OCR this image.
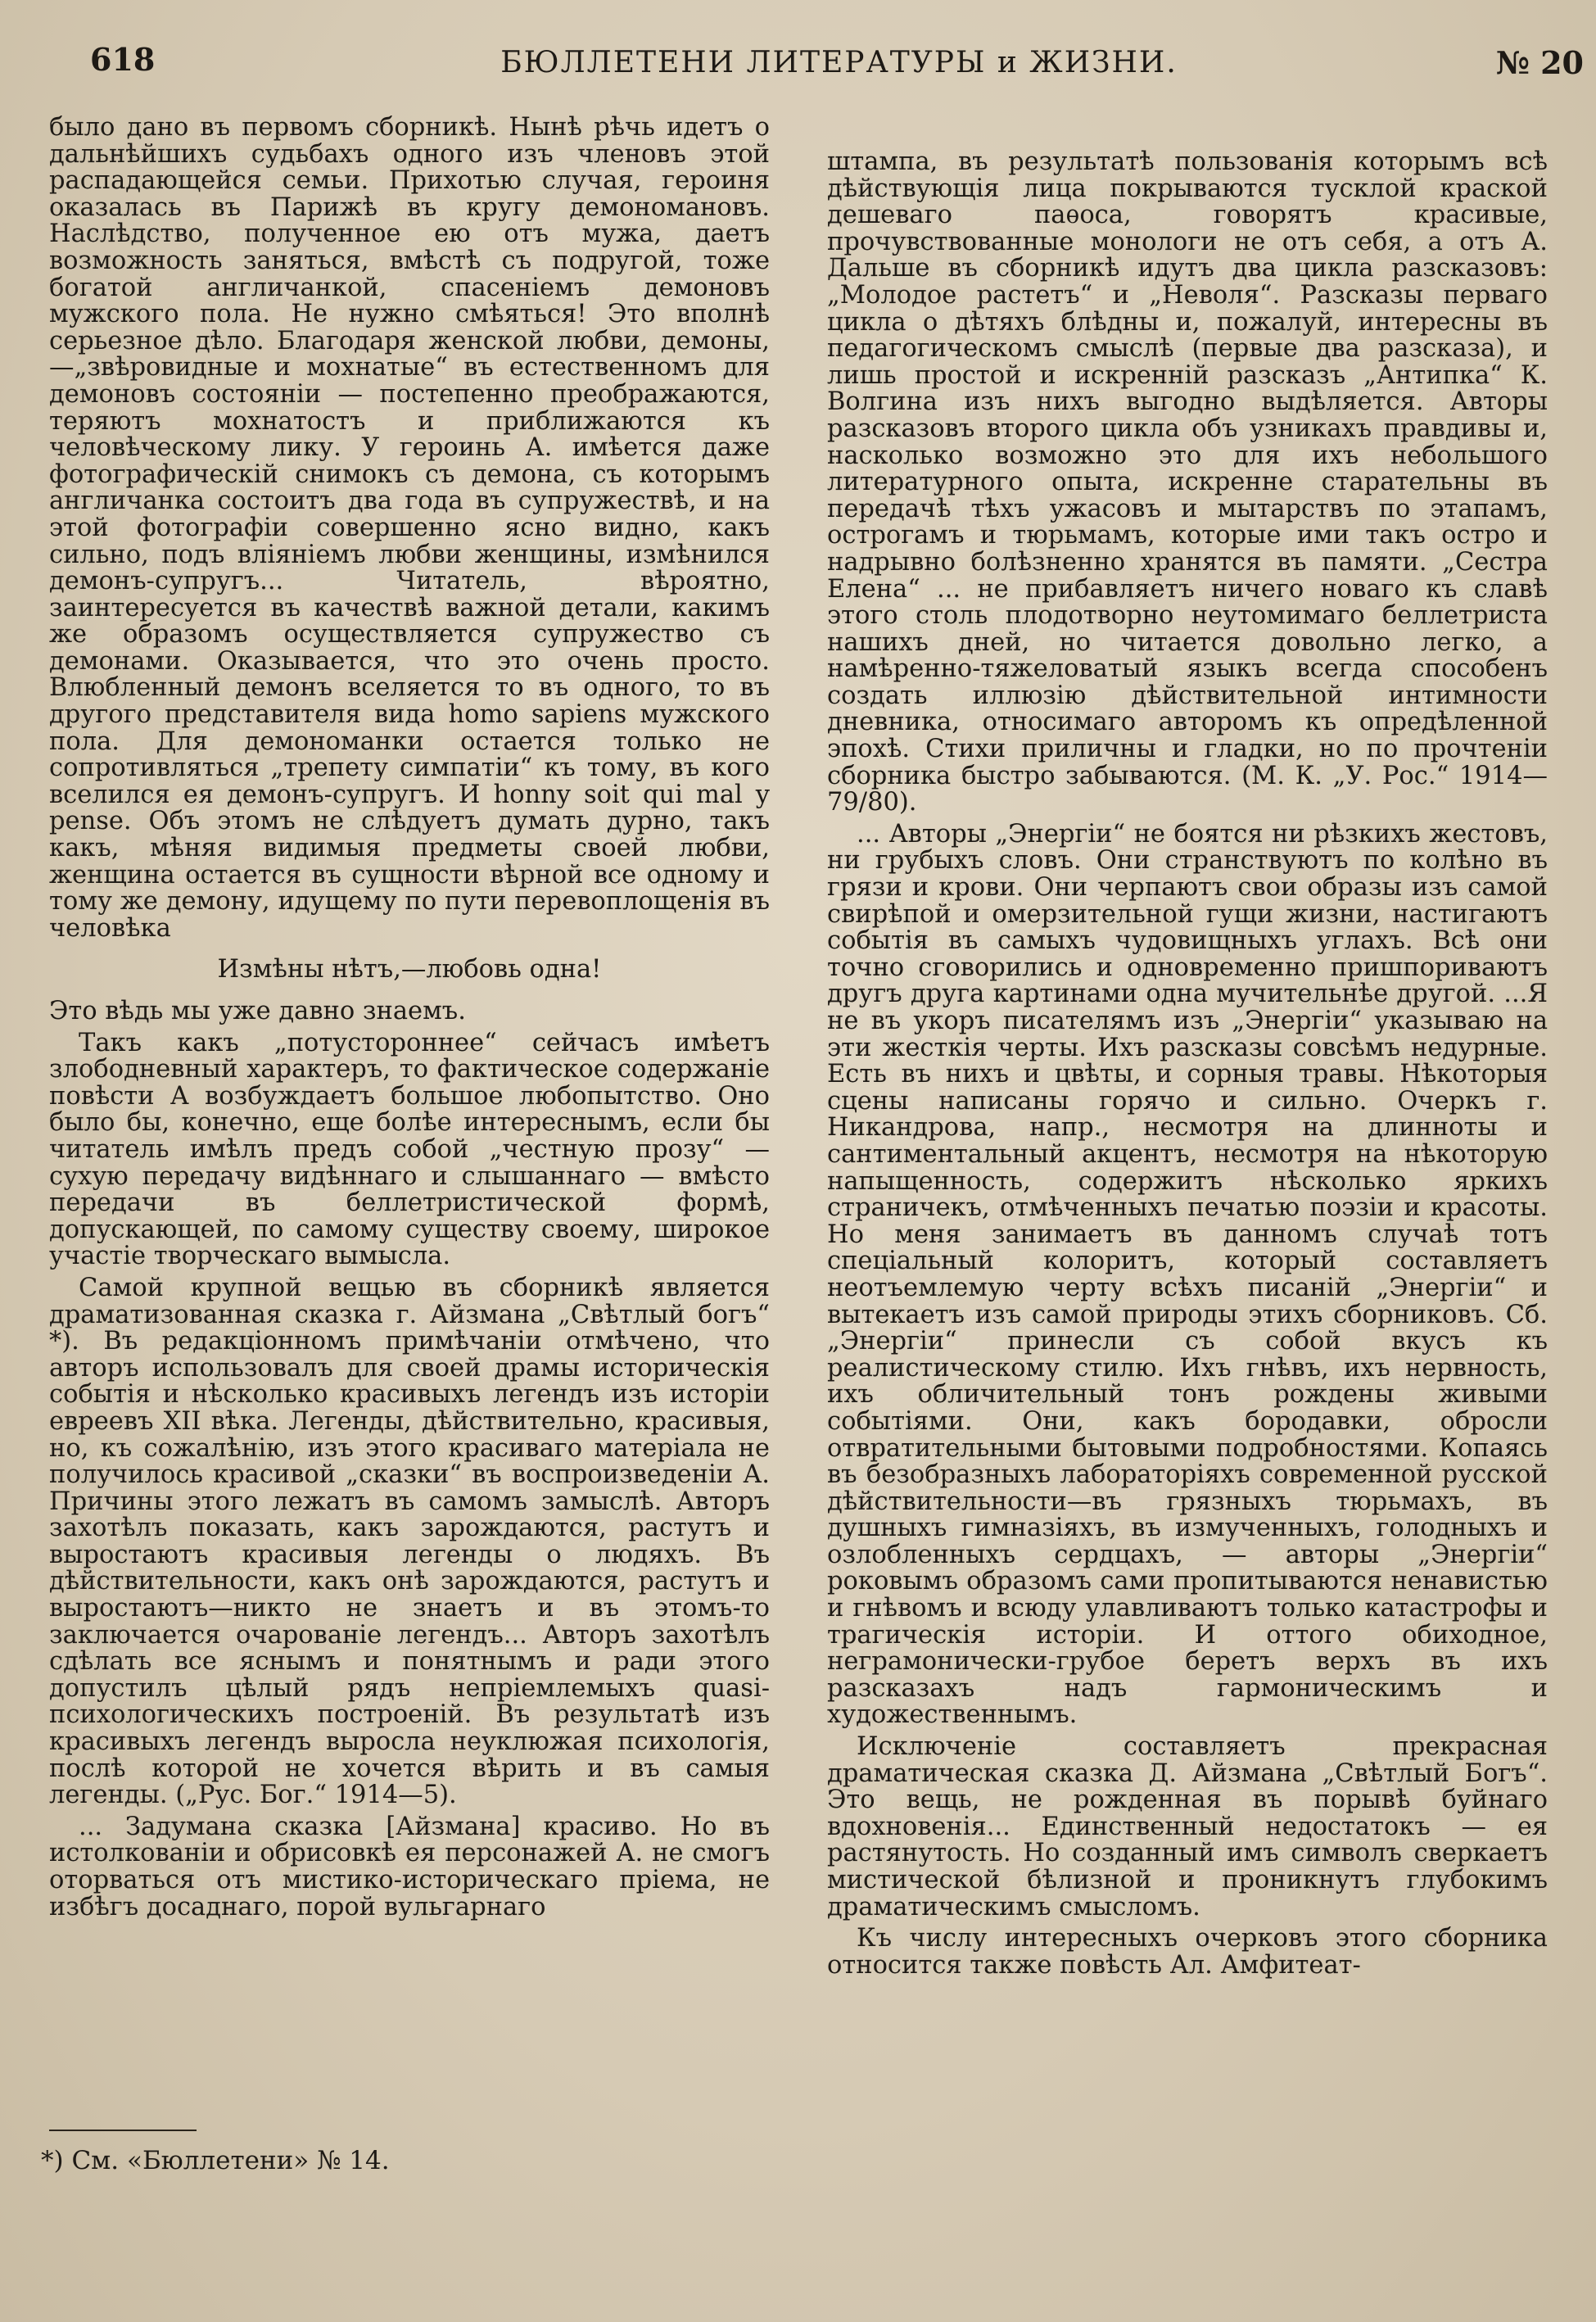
618	БЮЛЛЕТЕНИ ЛИТЕРАТУРЫ и ЖИЗНИ.	№ 20

было дано въ первомъ сборникѣ. Нынѣ рѣчь идетъ о дальнѣйшихъ судьбахъ одного изъ членовъ этой распадающейся семьи. Прихотью случая, героиня оказалась въ Парижѣ въ кругу демономановъ. Наслѣдство, полученное ею отъ мужа, даетъ возможность заняться, вмѣстѣ съ подругой, тоже богатой англичанкой, спасеніемъ демоновъ мужского пола. Не нужно смѣяться! Это вполнѣ серьезное дѣло. Благодаря женской любви, демоны,—„звѣровидные и мохнатые“ въ естественномъ для демоновъ состояніи — постепенно преображаются, теряютъ мохнатостъ и приближаются къ человѣческому лику. У героинь А. имѣется даже фотографическій снимокъ съ демона, съ которымъ англичанка состоитъ два года въ супружествѣ, и на этой фотографіи совершенно ясно видно, какъ сильно, подъ вліяніемъ любви женщины, измѣнился демонъ-супругъ... Читатель, вѣроятно, заинтересуется въ качествѣ важной детали, какимъ же образомъ осуществляется супружество съ демонами. Оказывается, что это очень просто. Влюбленный демонъ вселяется то въ одного, то въ другого представителя вида homo sapiens мужского пола. Для демономанки остается только не сопротивляться „трепету симпатіи“ къ тому, въ кого вселился ея демонъ-супругъ. И honny soit qui mal y pense. Объ этомъ не слѣдуетъ думать дурно, такъ какъ, мѣняя видимыя предметы своей любви, женщина остается въ сущности вѣрной все одному и тому же демону, идущему по пути перевоплощенія въ человѣка

Измѣны нѣтъ,—любовь одна!

Это вѣдь мы уже давно знаемъ.

Такъ какъ „потустороннее“ сейчасъ имѣетъ злободневный характеръ, то фактическое содержаніе повѣсти А возбуждаетъ большое любопытство. Оно было бы, конечно, еще болѣе интереснымъ, если бы читатель имѣлъ предъ собой „честную прозу“ — сухую передачу видѣннаго и слышаннаго — вмѣсто передачи въ беллетристической формѣ, допускающей, по самому существу своему, широкое участіе творческаго вымысла.

Самой крупной вещью въ сборникѣ является драматизованная сказка г. Айзмана „Свѣтлый богъ“ *). Въ редакціонномъ примѣчаніи отмѣчено, что авторъ использовалъ для своей драмы историческія событія и нѣсколько красивыхъ легендъ изъ исторіи евреевъ XII вѣка. Легенды, дѣйствительно, красивыя, но, къ сожалѣнію, изъ этого красиваго матеріала не получилось красивой „сказки“ въ воспроизведеніи А. Причины этого лежатъ въ самомъ замыслѣ. Авторъ захотѣлъ показать, какъ зарождаются, растутъ и выростаютъ красивыя легенды о людяхъ. Въ дѣйствительности, какъ онѣ зарождаются, растутъ и выростаютъ—никто не знаетъ и въ этомъ-то заключается очарованіе легендъ... Авторъ захотѣлъ сдѣлать все яснымъ и понятнымъ и ради этого допустилъ цѣлый рядъ непріемлемыхъ quasi-психологическихъ построеній. Въ результатѣ изъ красивыхъ легендъ выросла неуклюжая психологія, послѣ которой не хочется вѣрить и въ самыя легенды. („Рус. Бог.“ 1914—5).

... Задумана сказка [Айзмана] красиво. Но въ истолкованіи и обрисовкѣ ея персонажей А. не смогъ оторваться отъ мистико-историческаго пріема, не избѣгъ досаднаго, порой вульгарнаго

штампа, въ результатѣ пользованія которымъ всѣ дѣйствующія лица покрываются тусклой краской дешеваго паѳоса, говорятъ красивые, прочувствованные монологи не отъ себя, а отъ А. Дальше въ сборникѣ идутъ два цикла разсказовъ: „Молодое растетъ“ и „Неволя“. Разсказы перваго цикла о дѣтяхъ блѣдны и, пожалуй, интересны въ педагогическомъ смыслѣ (первые два разсказа), и лишь простой и искренній разсказъ „Антипка“ К. Волгина изъ нихъ выгодно выдѣляется. Авторы разсказовъ второго цикла объ узникахъ правдивы и, насколько возможно это для ихъ небольшого литературного опыта, искренне старательны въ передачѣ тѣхъ ужасовъ и мытарствъ по этапамъ, острогамъ и тюрьмамъ, которые ими такъ остро и надрывно болѣзненно хранятся въ памяти. „Сестра Елена“ ... не прибавляетъ ничего новаго къ славѣ этого столь плодотворно неутомимаго беллетриста нашихъ дней, но читается довольно легко, а намѣренно-тяжеловатый языкъ всегда способенъ создать иллюзію дѣйствительной интимности дневника, относимаго авторомъ къ опредѣленной эпохѣ. Стихи приличны и гладки, но по прочтеніи сборника быстро забываются. (М. К. „У. Рос.“ 1914—79/80).

... Авторы „Энергіи“ не боятся ни рѣзкихъ жестовъ, ни грубыхъ словъ. Они странствуютъ по колѣно въ грязи и крови. Они черпаютъ свои образы изъ самой свирѣпой и омерзительной гущи жизни, настигаютъ событія въ самыхъ чудовищныхъ углахъ. Всѣ они точно сговорились и одновременно пришпориваютъ другъ друга картинами одна мучительнѣе другой. ...Я не въ укоръ писателямъ изъ „Энергіи“ указываю на эти жесткія черты. Ихъ разсказы совсѣмъ недурные. Есть въ нихъ и цвѣты, и сорныя травы. Нѣкоторыя сцены написаны горячо и сильно. Очеркъ г. Никандрова, напр., несмотря на длинноты и сантиментальный акцентъ, несмотря на нѣкоторую напыщенность, содержитъ нѣсколько яркихъ страничекъ, отмѣченныхъ печатью поэзіи и красоты. Но меня занимаетъ въ данномъ случаѣ тотъ спеціальный колоритъ, который составляетъ неотъемлемую черту всѣхъ писаній „Энергіи“ и вытекаетъ изъ самой природы этихъ сборниковъ. Сб. „Энергіи“ принесли съ собой вкусъ къ реалистическому стилю. Ихъ гнѣвъ, ихъ нервность, ихъ обличительный тонъ рождены живыми событіями. Они, какъ бородавки, обросли отвратительными бытовыми подробностями. Копаясь въ безобразныхъ лабораторіяхъ современной русской дѣйствительности—въ грязныхъ тюрьмахъ, въ душныхъ гимназіяхъ, въ измученныхъ, голодныхъ и озлобленныхъ сердцахъ, — авторы „Энергіи“ роковымъ образомъ сами пропитываются ненавистью и гнѣвомъ и всюду улавливаютъ только катастрофы и трагическія исторіи. И оттого обиходное, неграмонически-грубое беретъ верхъ въ ихъ разсказахъ надъ гармоническимъ и художественнымъ.

Исключеніе составляетъ прекрасная драматическая сказка Д. Айзмана „Свѣтлый Богъ“. Это вещь, не рожденная въ порывѣ буйнаго вдохновенія... Единственный недостатокъ — ея растянутость. Но созданный имъ символъ сверкаетъ мистической бѣлизной и проникнутъ глубокимъ драматическимъ смысломъ.

Къ числу интересныхъ очерковъ этого сборника относится также повѣсть Ал. Амфитеат-

*) См. «Бюллетени» № 14.
